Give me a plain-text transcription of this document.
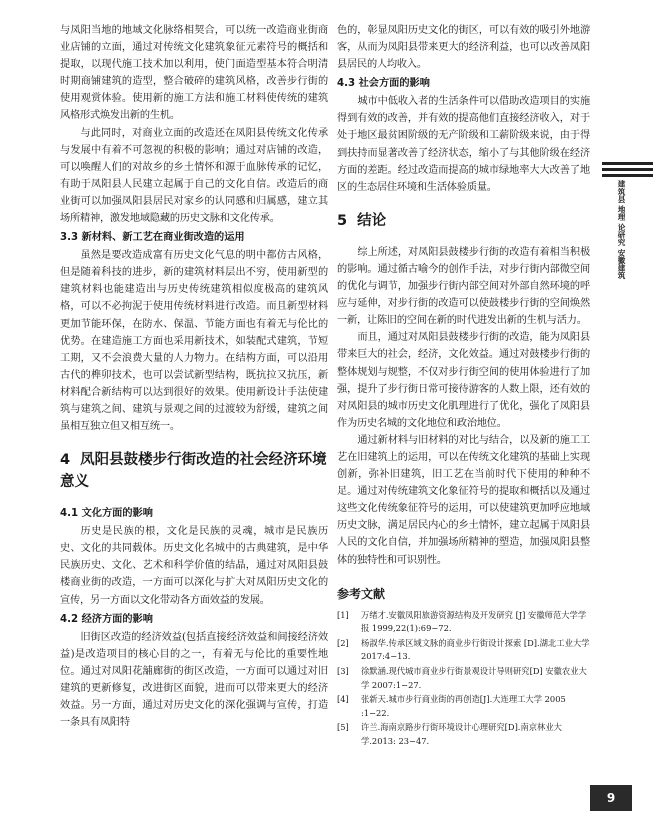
与凤阳当地的地域文化脉络相契合，可以统一改造商业街商业店铺的立面，通过对传统文化建筑象征元素符号的概括和提取，以现代施工技术加以利用，使门面造型基本符合明清时期商铺建筑的造型，整合破碎的建筑风格，改善步行街的使用观赏体验。使用新的施工方法和施工材料使传统的建筑风格形式焕发出新的生机。

与此同时，对商业立面的改造还在凤阳县传统文化传承与发展中有着不可忽视的积极的影响；通过对店铺的改造，可以唤醒人们的对故乡的乡土情怀和源于血脉传承的记忆，有助于凤阳县人民建立起属于自己的文化自信。改造后的商业街可以加强凤阳县居民对家乡的认同感和归属感，建立其场所精神，激发地域隐藏的历史文脉和文化传承。

3.3 新材料、新工艺在商业街改造的运用

虽然是要改造成富有历史文化气息的明中都仿古风格，但是随着科技的进步，新的建筑材料层出不穷，使用新型的建筑材料也能建造出与历史传统建筑相似度极高的建筑风格，可以不必拘泥于使用传统材料进行改造。而且新型材料更加节能环保，在防水、保温、节能方面也有着无与伦比的优势。在建造施工方面也采用新技术，如装配式建筑，节短工期，又不会浪费大量的人力物力。在结构方面，可以沿用古代的榫卯技术，也可以尝试新型结构，既抗拉又抗压，新材料配合新结构可以达到很好的效果。使用新设计手法使建筑与建筑之间、建筑与景观之间的过渡较为舒缓，建筑之间虽相互独立但又相互统一。

4 凤阳县鼓楼步行街改造的社会经济环境意义
4.1 文化方面的影响

历史是民族的根，文化是民族的灵魂，城市是民族历史、文化的共同载体。历史文化名城中的古典建筑，是中华民族历史、文化、艺术和科学价值的结晶，通过对凤阳县鼓楼商业街的改造，一方面可以深化与扩大对凤阳历史文化的宣传，另一方面以文化带动各方面效益的发展。

4.2 经济方面的影响

旧街区改造的经济效益(包括直接经济效益和间接经济效益)是改造项目的核心目的之一，有着无与伦比的重要性地位。通过对凤阳花舖廊街的街区改造，一方面可以通过对旧建筑的更新修复，改进街区面貌，进而可以带来更大的经济效益。另一方面，通过对历史文化的深化强调与宣传，打造一条具有凤阳特

色的，彰显凤阳历史文化的街区，可以有效的吸引外地游客，从而为凤阳县带来更大的经济利益，也可以改善凤阳县居民的人均收入。

4.3 社会方面的影响

城市中低收入者的生活条件可以借助改造项目的实施得到有效的改善，并有效的提高他们直接经济收入，对于处于地区最贫困阶级的无产阶级和工薪阶级来说，由于得到扶持而显著改善了经济状态，缩小了与其他阶级在经济方面的差距。经过改造而提高的城市绿地率大大改善了地区的生态居住环境和生活体验质量。

5 结论

综上所述，对凤阳县鼓楼步行街的改造有着相当积极的影响。通过循古喻今的创作手法，对步行街内部微空间的优化与调节，加强步行街内部空间对外部自然环境的呼应与延伸，对步行街的改造可以使鼓楼步行街的空间焕然一新，让陈旧的空间在新的时代进发出新的生机与活力。

而且，通过对凤阳县鼓楼步行街的改造，能为凤阳县带来巨大的社会，经济，文化效益。通过对鼓楼步行街的整体规划与规整，不仅对步行街空间的使用体验进行了加强，提升了步行街日常可接待游客的人数上限，还有效的对凤阳县的城市历史文化肌理进行了优化，强化了凤阳县作为历史名城的文化地位和政治地位。

通过新材料与旧材料的对比与结合，以及新的施工工艺在旧建筑上的运用，可以在传统文化建筑的基础上实现创新，弥补旧建筑，旧工艺在当前时代下使用的种种不足。通过对传统建筑文化象征符号的提取和概括以及通过这些文化传统象征符号的运用，可以使建筑更加呼应地域历史文脉，满足居民内心的乡土情怀，建立起属于凤阳县人民的文化自信，并加强场所精神的塑造，加强凤阳县整体的独特性和可识别性。

参考文献
[1]	万绪才.安徽凤阳旅游资源结构及开发研究 [J] 安徽师范大学学报 1999,22(1):69−72.
[2]	杨淑华.传承区域文脉的商业步行街设计探索 [D].湖北工业大学 2017:4−13.
[3]	徐默涵.现代城市商业步行街景观设计导则研究[D] 安徽农业大学 2007:1−27.
[4]	张新天.城市步行商业街的再创造[J].大连理工大学 2005 :1−22.
[5]	许兰.海南京路步行街环境设计心理研究[D].南京林业大学.2013: 23−47.
建筑县 地理 论研究 安徽建筑
9
